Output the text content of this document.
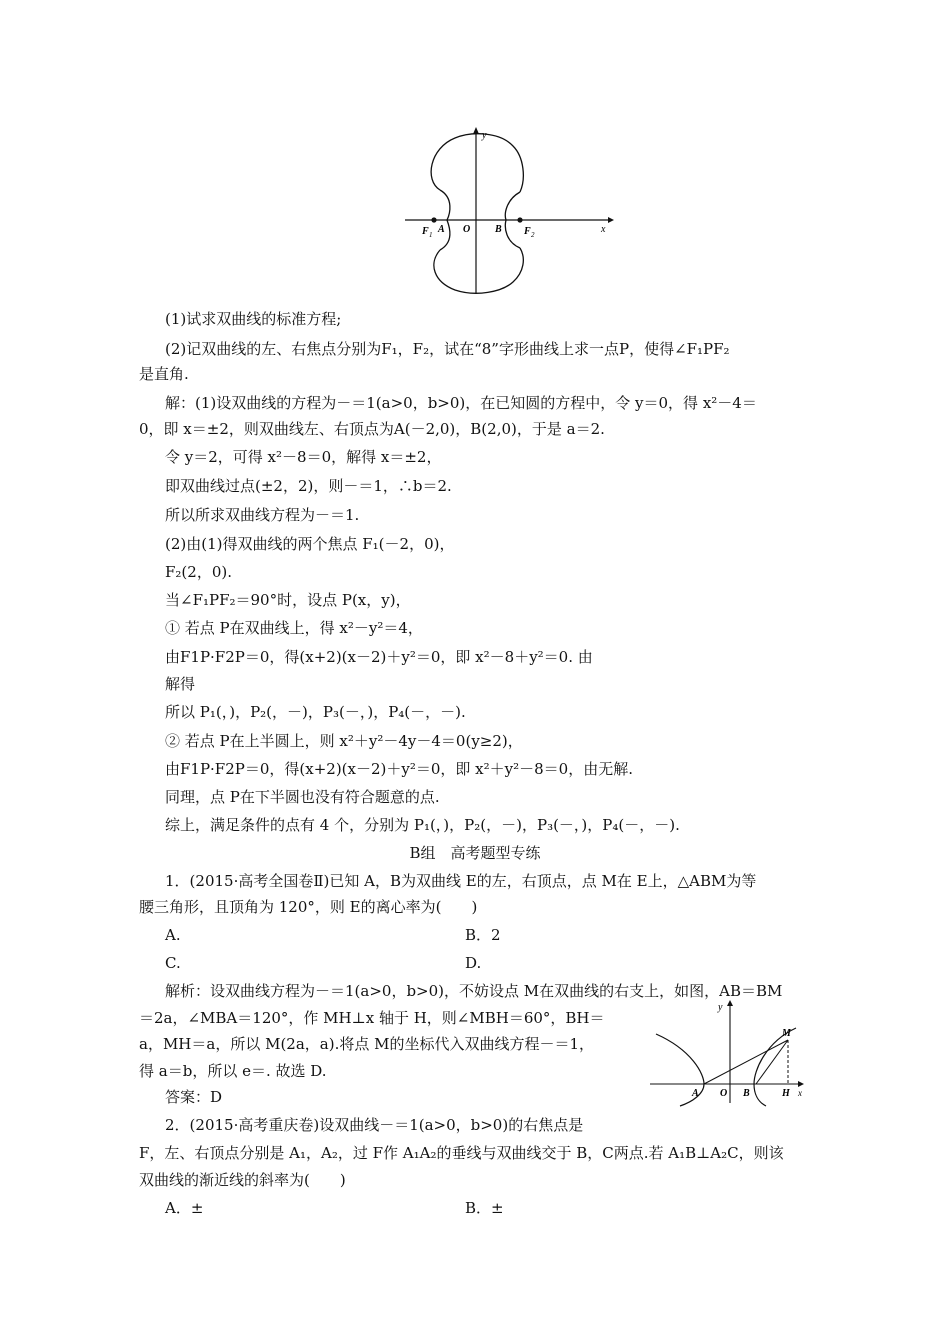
y
x
F 1 A O B F 2
y
x
M
A O B	H
(1)试求双曲线的标准方程;
(2)记双曲线的左、右焦点分别为F₁，F₂，试在“8”字形曲线上求一点P，使得∠F₁PF₂
是直角.
解：(1)设双曲线的方程为－＝1(a>0，b>0)，在已知圆的方程中，令 y＝0，得 x²－4＝
0，即 x＝±2，则双曲线左、右顶点为A(－2,0)，B(2,0)，于是 a＝2.
令 y＝2，可得 x²－8＝0，解得 x＝±2，
即双曲线过点(±2，2)，则－＝1，∴b＝2.
所以所求双曲线方程为－＝1.
(2)由(1)得双曲线的两个焦点 F₁(－2，0)，
F₂(2，0).
当∠F₁PF₂＝90°时，设点 P(x，y)，
① 若点 P在双曲线上，得 x²－y²＝4，
由F1P·F2P＝0，得(x+2)(x－2)＋y²＝0，即 x²－8＋y²＝0. 由
解得
所以 P₁(，)，P₂(，－)，P₃(－，)，P₄(－，－).
② 若点 P在上半圆上，则 x²＋y²－4y－4＝0(y≥2)，
由F1P·F2P＝0，得(x+2)(x－2)＋y²＝0，即 x²＋y²－8＝0，由无解.
同理，点 P在下半圆也没有符合题意的点.
综上，满足条件的点有 4 个，分别为 P₁(，)，P₂(，－)，P₃(－，)，P₄(－，－).
B组　高考题型专练
1．(2015·高考全国卷Ⅱ)已知 A，B为双曲线 E的左，右顶点，点 M在 E上，△ABM为等
腰三角形，且顶角为 120°，则 E的离心率为(　　)
A.	B．2
C.	D.
解析：设双曲线方程为－＝1(a>0，b>0)，不妨设点 M在双曲线的右支上，如图，AB＝BM
＝2a，∠MBA＝120°，作 MH⊥x 轴于 H，则∠MBH＝60°，BH＝
a，MH＝a，所以 M(2a，a).将点 M的坐标代入双曲线方程－＝1，
得 a＝b，所以 e＝. 故选 D.
答案：D
2．(2015·高考重庆卷)设双曲线－＝1(a>0，b>0)的右焦点是
F，左、右顶点分别是 A₁，A₂，过 F作 A₁A₂的垂线与双曲线交于 B，C两点.若 A₁B⊥A₂C，则该
双曲线的渐近线的斜率为(　　)
A．±	B．±
